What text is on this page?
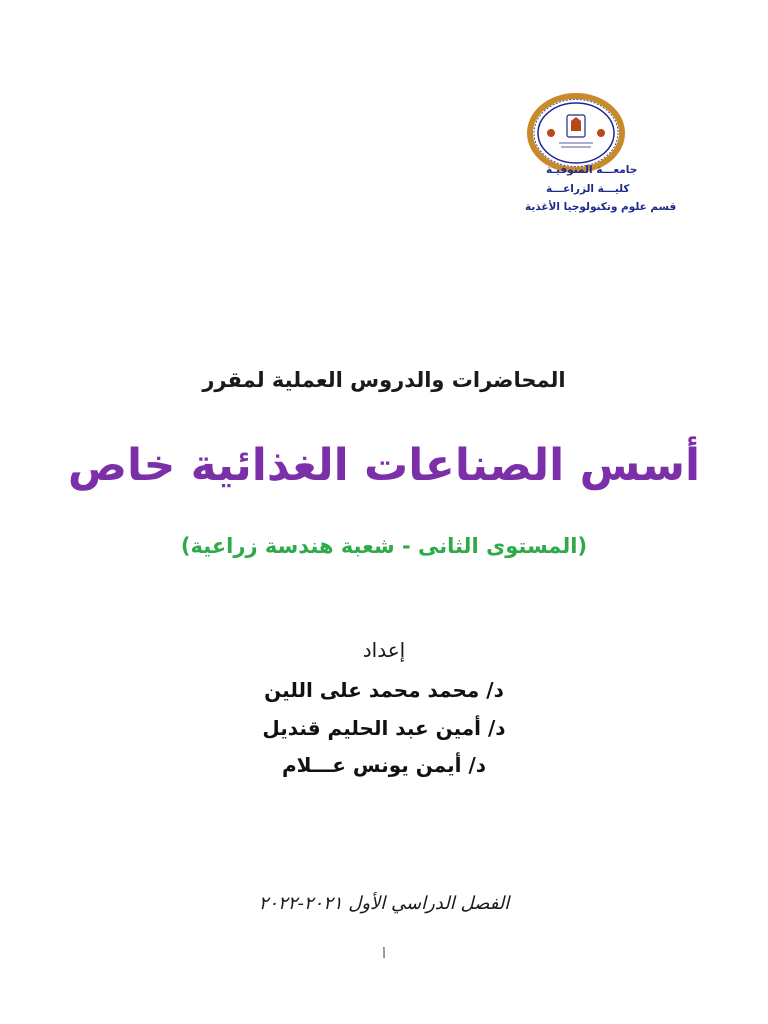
جامعـــة المنوفيـة
كليـــة الزراعـــة
قسم علوم وتكنولوجيا الأغذية
المحاضرات والدروس العملية لمقرر
أسس الصناعات الغذائية خاص
(المستوى الثانى - شعبة هندسة زراعية)
إعداد
د/ محمد محمد على اللين
د/ أمين عبد الحليم قنديل
د/ أيمن يونس عـــلام
الفصل الدراسي الأول ٢٠٢١-٢٠٢٢
أ
